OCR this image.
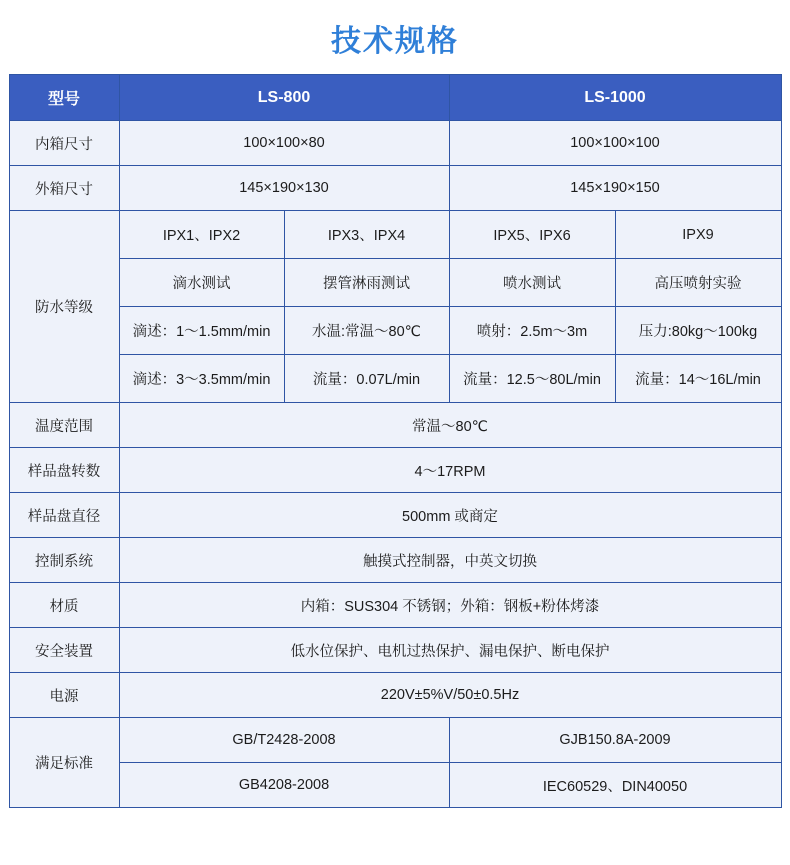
技术规格
型号	LS-800		LS-1000	
内箱尺寸	100×100×80		100×100×100	
外箱尺寸	145×190×130		145×190×150	
防水等级	IPX1、IPX2	IPX3、IPX4	IPX5、IPX6	IPX9
	滴水测试	摆管淋雨测试	喷水测试	高压喷射实验
	滴述：1～1.5mm/min	水温:常温～80℃	喷射：2.5m～3m	压力:80kg～100kg
	滴述：3～3.5mm/min	流量：0.07L/min	流量：12.5～80L/min	流量：14～16L/min
温度范围	常温～80℃			
样品盘转数	4～17RPM			
样品盘直径	500mm 或商定			
控制系统	触摸式控制器，中英文切换			
材质	内箱：SUS304 不锈钢；外箱：钢板+粉体烤漆			
安全装置	低水位保护、电机过热保护、漏电保护、断电保护			
电源	220V±5%V/50±0.5Hz			
满足标准	GB/T2428-2008		GJB150.8A-2009	
	GB4208-2008		IEC60529、DIN40050	
